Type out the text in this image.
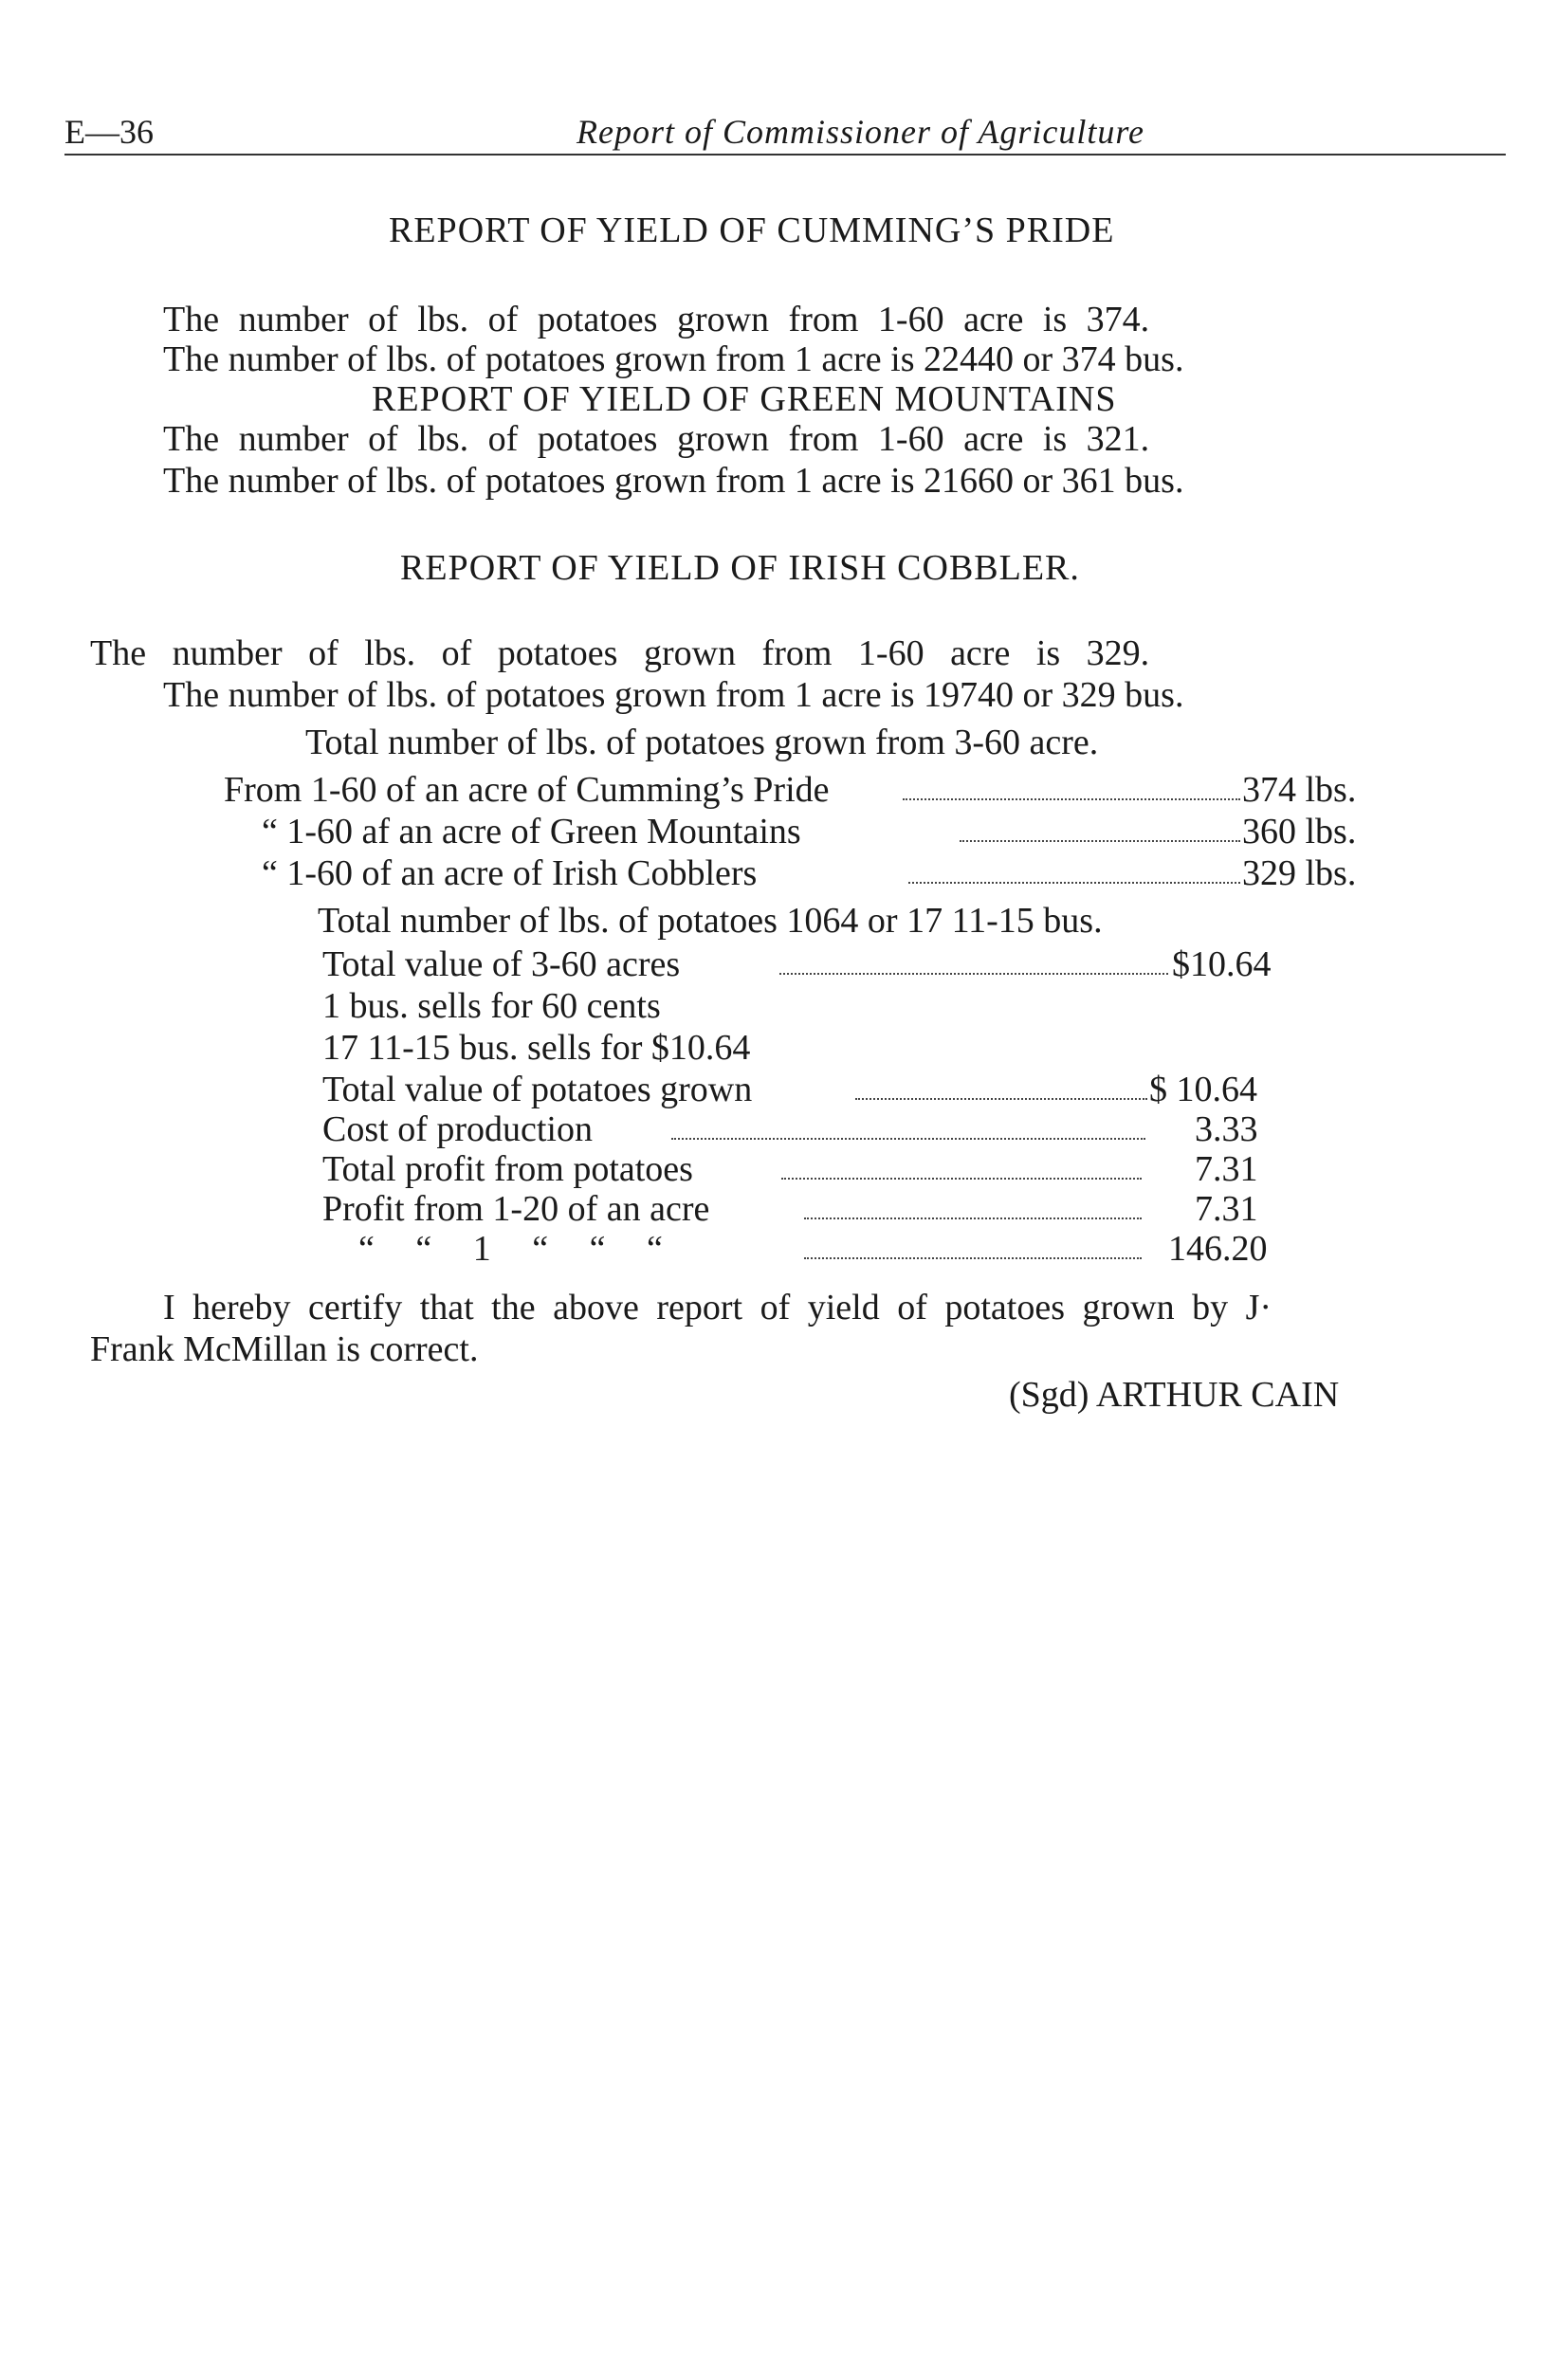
E—36	Report of Commissioner of Agriculture
REPORT OF YIELD OF CUMMING’S PRIDE
The number of lbs. of potatoes grown from 1-60 acre is 374.
The number of lbs. of potatoes grown from 1 acre is 22440 or 374 bus.
REPORT OF YIELD OF GREEN MOUNTAINS
The number of lbs. of potatoes grown from 1-60 acre is 321.
The number of lbs. of potatoes grown from 1 acre is 21660 or 361 bus.
REPORT OF YIELD OF IRISH COBBLER.
The number of lbs. of potatoes grown from 1-60 acre is 329.
The number of lbs. of potatoes grown from 1 acre is 19740 or 329 bus.
Total number of lbs. of potatoes grown from 3-60 acre.
From 1-60 of an acre of Cumming’s Pride	374 lbs.
“ 1-60 af an acre of Green Mountains	360 lbs.
“ 1-60 of an acre of Irish Cobblers	329 lbs.
Total number of lbs. of potatoes 1064 or 17 11-15 bus.
Total value of 3-60 acres	$10.64
1 bus. sells for 60 cents
17 11-15 bus. sells for $10.64
Total value of potatoes grown	$ 10.64
Cost of production	3.33
Total profit from potatoes	7.31
Profit from 1-20 of an acre	7.31
“ “ 1 “ “ “	146.20
I hereby certify that the above report of yield of potatoes grown by J·
Frank McMillan is correct.
(Sgd) ARTHUR CAIN
